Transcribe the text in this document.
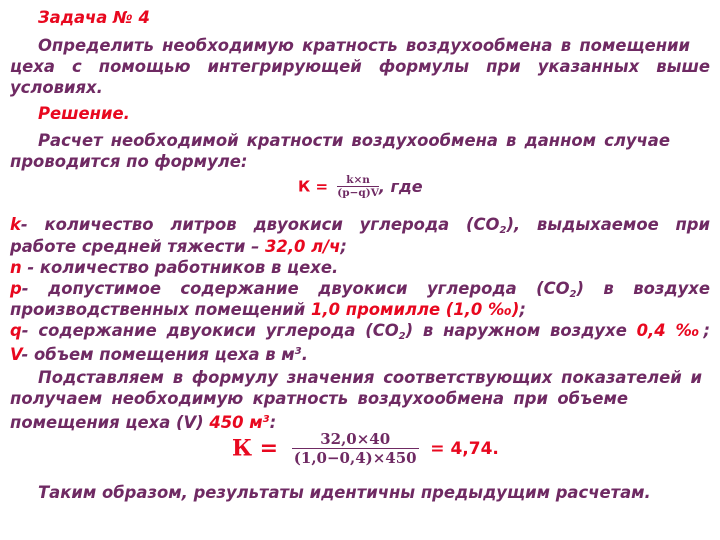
Задача № 4
Определить необходимую кратность воздухообмена в помещении
цеха с помощью интегрирующей формулы при указанных выше
условиях.
Решение.
Расчет необходимой кратности воздухообмена в данном случае
проводится по формуле:
$К = \frac{k\times n}{(p-q)V}$ , где
k- количество литров двуокиси углерода $(СО_2)$, выдыхаемое при
работе средней тяжести – 32,0 л/ч;
n - количество работников в цехе.
p- допустимое содержание двуокиси углерода $(СО_2)$ в воздухе
производственных помещений 1,0 промилле (1,0 ‰);
q- содержание двуокиси углерода $(СО_2)$ в наружном воздухе 0,4 ‰;
V- объем помещения цеха в $м^3$.
Подставляем в формулу значения соответствующих показателей и
получаем необходимую кратность воздухообмена при объеме
помещения цеха (V) 450 $м^3$:
$К = \frac{32,0\times 40}{(1,0-0,4)\times 450} = 4,74$.
Таким образом, результаты идентичны предыдущим расчетам.
